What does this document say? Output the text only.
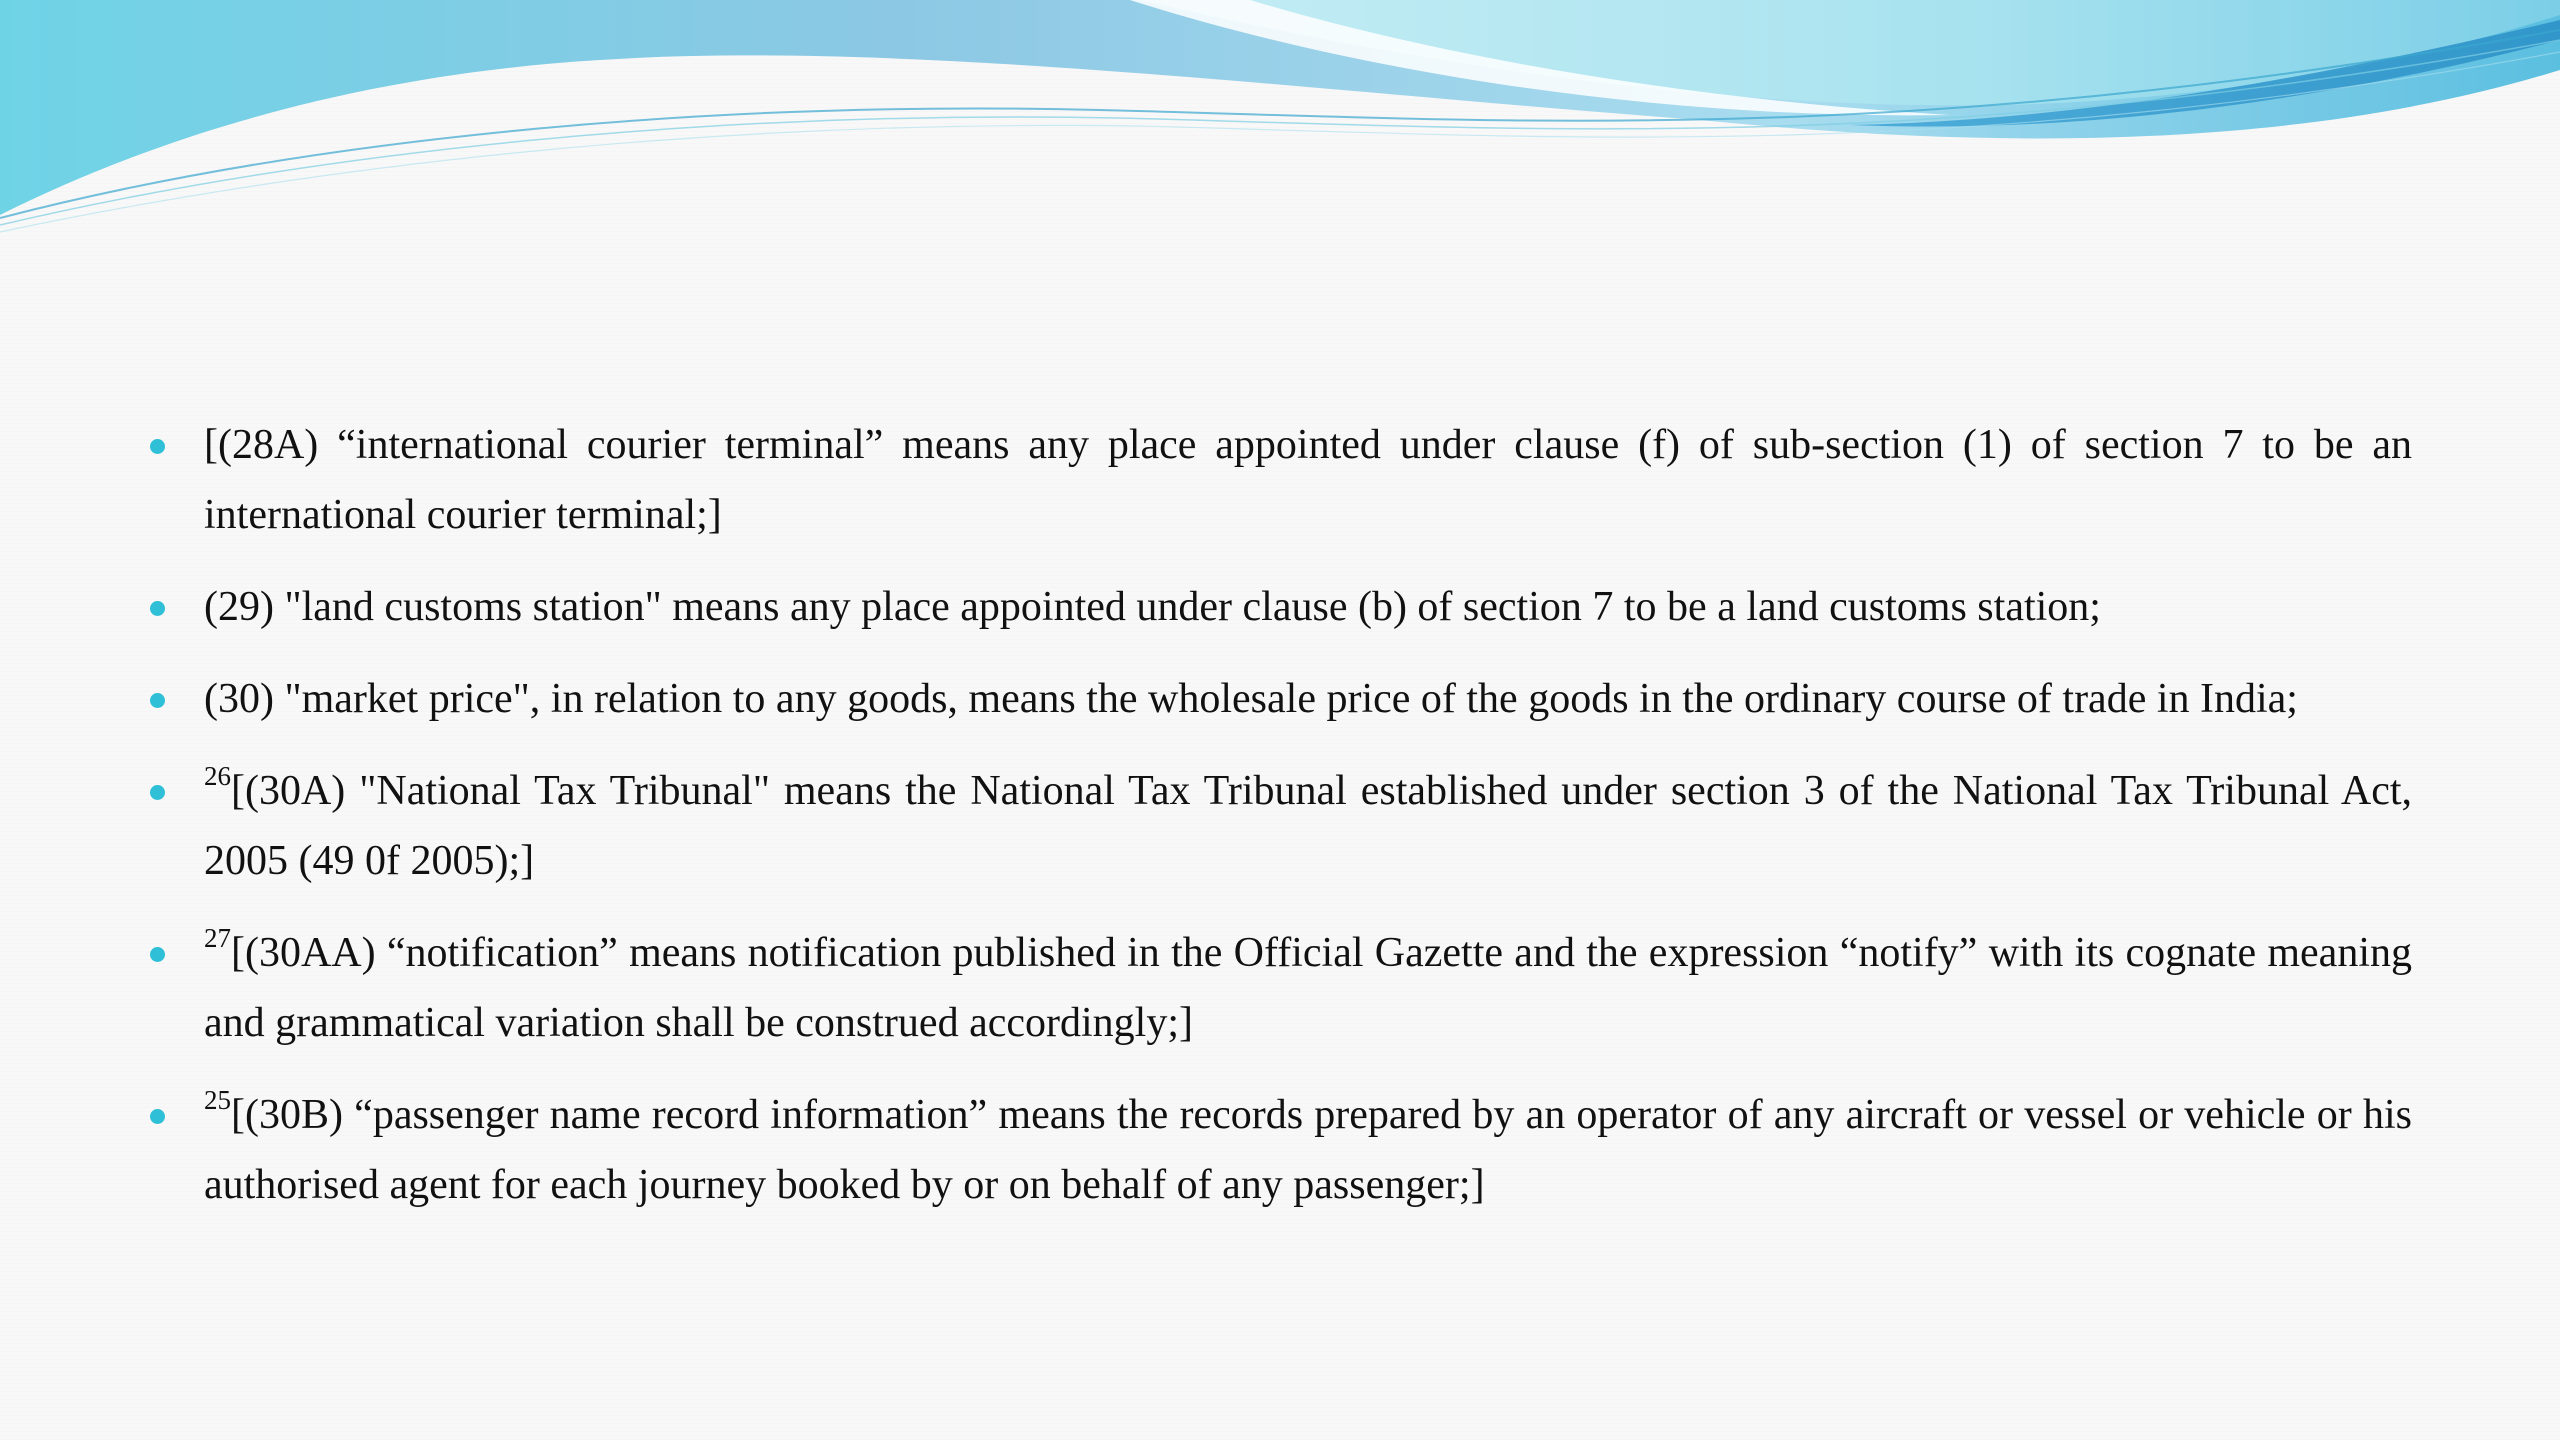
[(28A) “international courier terminal” means any place appointed under clause (f) of sub-section (1) of section 7 to be an international courier terminal;]
(29) "land customs station" means any place appointed under clause (b) of section 7 to be a land customs station;
(30) "market price", in relation to any goods, means the wholesale price of the goods in the ordinary course of trade in India;
$^{26}$[(30A) "National Tax Tribunal" means the National Tax Tribunal established under section 3 of the National Tax Tribunal Act, 2005 (49 0f 2005);]
$^{27}$[(30AA) “notification” means notification published in the Official Gazette and the expression “notify” with its cognate meaning and grammatical variation shall be construed accordingly;]
$^{25}$[(30B) “passenger name record information” means the records prepared by an operator of any aircraft or vessel or vehicle or his authorised agent for each journey booked by or on behalf of any passenger;]
